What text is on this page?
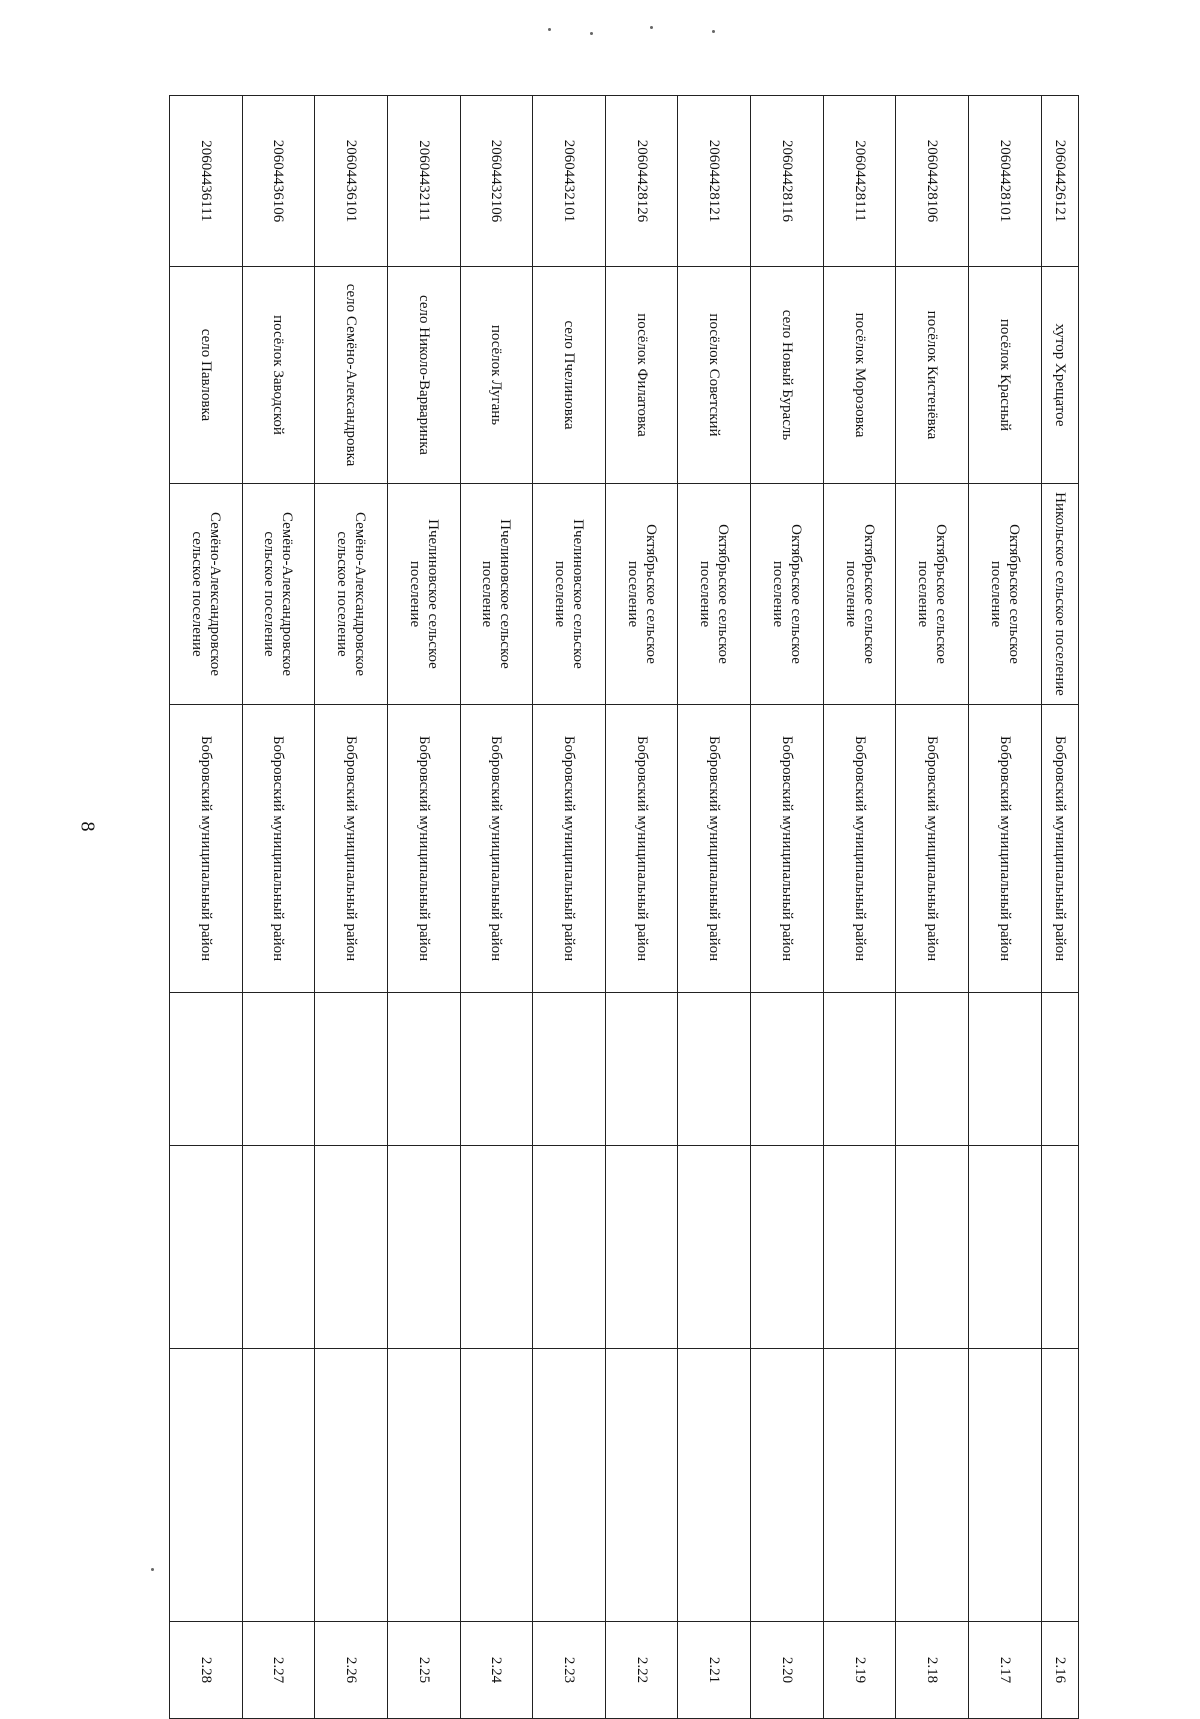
8
20604426121	хутор Хрещатое	Никольское сельское поселение	Бобровский муниципальный район				2.16
20604428101	посёлок Красный	Октябрьское сельское поселение	Бобровский муниципальный район				2.17
20604428106	посёлок Кистенёвка	Октябрьское сельское поселение	Бобровский муниципальный район				2.18
20604428111	посёлок Морозовка	Октябрьское сельское поселение	Бобровский муниципальный район				2.19
20604428116	село Новый Бурасль	Октябрьское сельское поселение	Бобровский муниципальный район				2.20
20604428121	посёлок Советский	Октябрьское сельское поселение	Бобровский муниципальный район				2.21
20604428126	посёлок Филатовка	Октябрьское сельское поселение	Бобровский муниципальный район				2.22
20604432101	село Пчелиновка	Пчелиновское сельское поселение	Бобровский муниципальный район				2.23
20604432106	посёлок Лугань	Пчелиновское сельское поселение	Бобровский муниципальный район				2.24
20604432111	село Николо-Варваринка	Пчелиновское сельское поселение	Бобровский муниципальный район				2.25
20604436101	село Семёно-Александровка	Семёно-Александровское сельское поселение	Бобровский муниципальный район				2.26
20604436106	посёлок Заводской	Семёно-Александровское сельское поселение	Бобровский муниципальный район				2.27
20604436111	село Павловка	Семёно-Александровское сельское поселение	Бобровский муниципальный район				2.28
